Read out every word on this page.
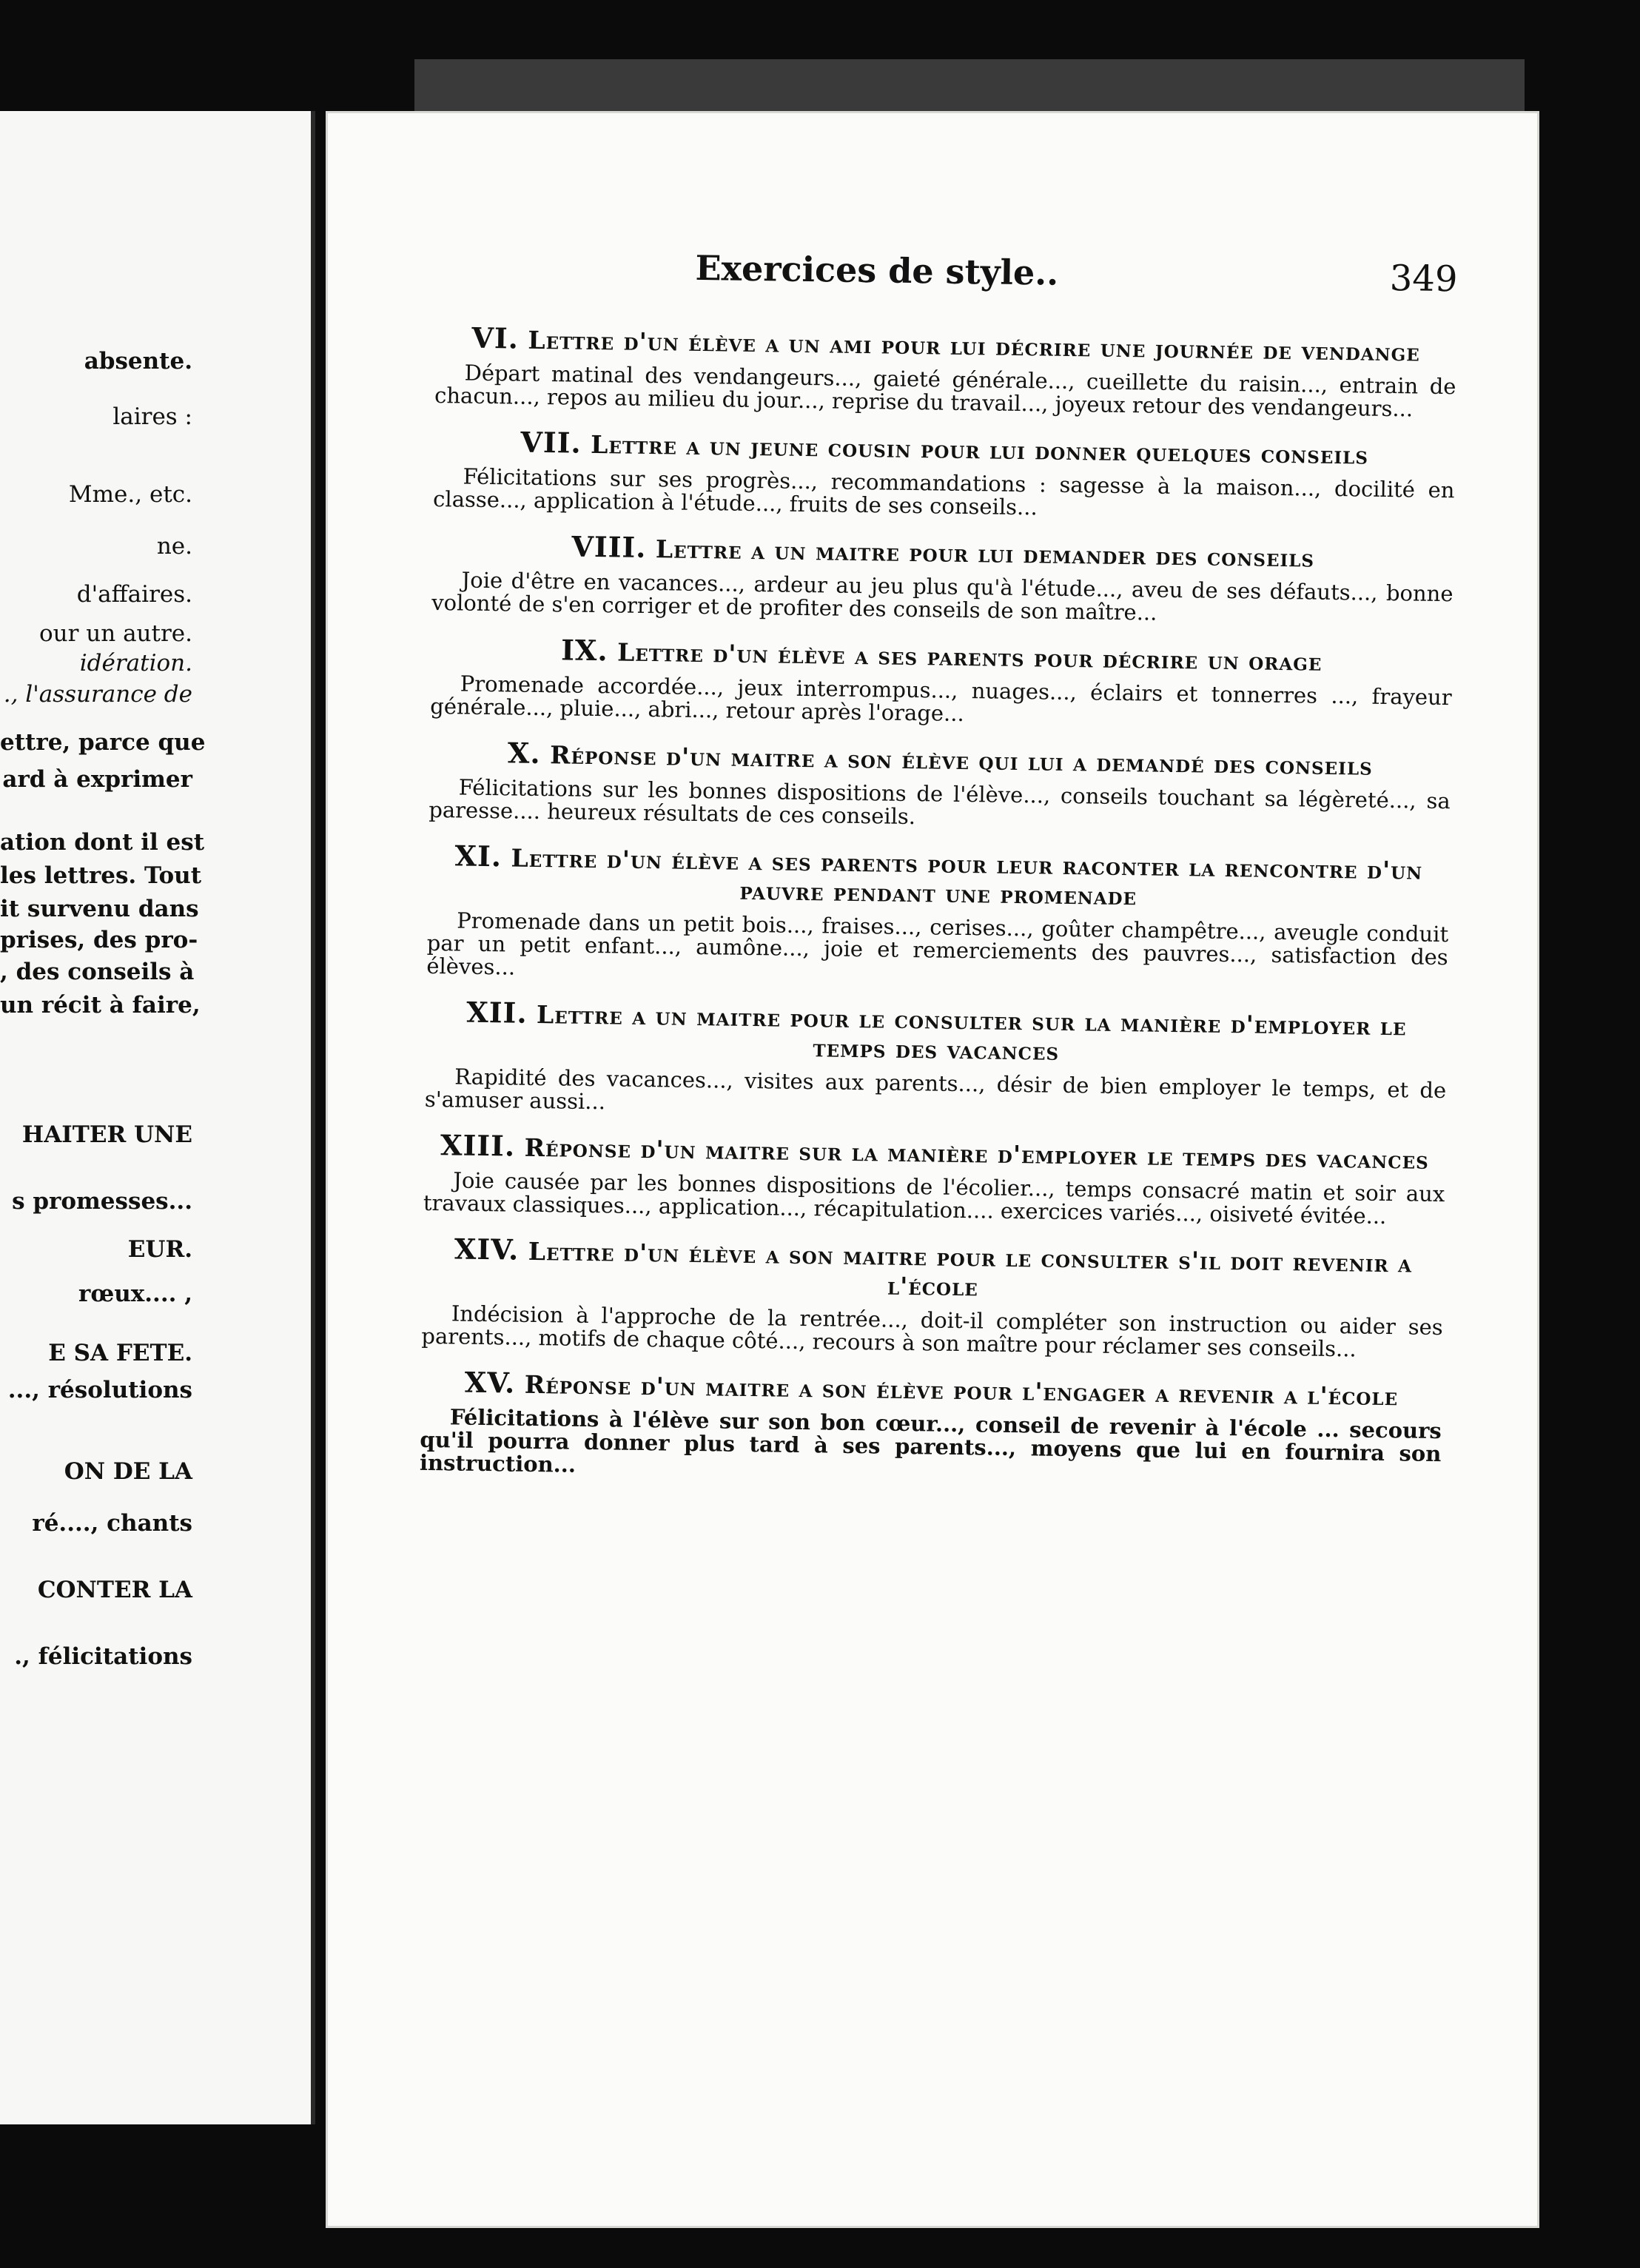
absente.
laires :
Mme., etc.
ne.
d'affaires.
our un autre.
idération.
., l'assurance de
ettre, parce que
ard à exprimer
ation dont il est
les lettres. Tout
it survenu dans
prises, des pro-
, des conseils à
un récit à faire,
HAITER UNE
s promesses...
EUR.
rœux.... ,
E SA FETE.
..., résolutions
ON DE LA
ré...., chants
CONTER LA
., félicitations
Exercices de style..	349
VI. Lettre d'un élève a un ami pour lui décrire une journée de vendange
Départ matinal des vendangeurs..., gaieté générale..., cueillette du raisin..., entrain de chacun..., repos au milieu du jour..., reprise du travail..., joyeux retour des vendangeurs...
VII. Lettre a un jeune cousin pour lui donner quelques conseils
Félicitations sur ses progrès..., recommandations : sagesse à la maison..., docilité en classe..., application à l'étude..., fruits de ses conseils...
VIII. Lettre a un maitre pour lui demander des conseils
Joie d'être en vacances..., ardeur au jeu plus qu'à l'étude..., aveu de ses défauts..., bonne volonté de s'en corriger et de profiter des conseils de son maître...
IX. Lettre d'un élève a ses parents pour décrire un orage
Promenade accordée..., jeux interrompus..., nuages..., éclairs et tonnerres ..., frayeur générale..., pluie..., abri..., retour après l'orage...
X. Réponse d'un maitre a son élève qui lui a demandé des conseils
Félicitations sur les bonnes dispositions de l'élève..., conseils touchant sa légèreté..., sa paresse.... heureux résultats de ces conseils.
XI. Lettre d'un élève a ses parents pour leur raconter la rencontre d'un pauvre pendant une promenade
Promenade dans un petit bois..., fraises..., cerises..., goûter champêtre..., aveugle conduit par un petit enfant..., aumône..., joie et remerciements des pauvres..., satisfaction des élèves...
XII. Lettre a un maitre pour le consulter sur la manière d'employer le temps des vacances
Rapidité des vacances..., visites aux parents..., désir de bien employer le temps, et de s'amuser aussi...
XIII. Réponse d'un maitre sur la manière d'employer le temps des vacances
Joie causée par les bonnes dispositions de l'écolier..., temps consacré matin et soir aux travaux classiques..., application..., récapitulation.... exercices variés..., oisiveté évitée...
XIV. Lettre d'un élève a son maitre pour le consulter s'il doit revenir a l'école
Indécision à l'approche de la rentrée..., doit-il compléter son instruction ou aider ses parents..., motifs de chaque côté..., recours à son maître pour réclamer ses conseils...
XV. Réponse d'un maitre a son élève pour l'engager a revenir a l'école
Félicitations à l'élève sur son bon cœur..., conseil de revenir à l'école ... secours qu'il pourra donner plus tard à ses parents..., moyens que lui en fournira son instruction...
